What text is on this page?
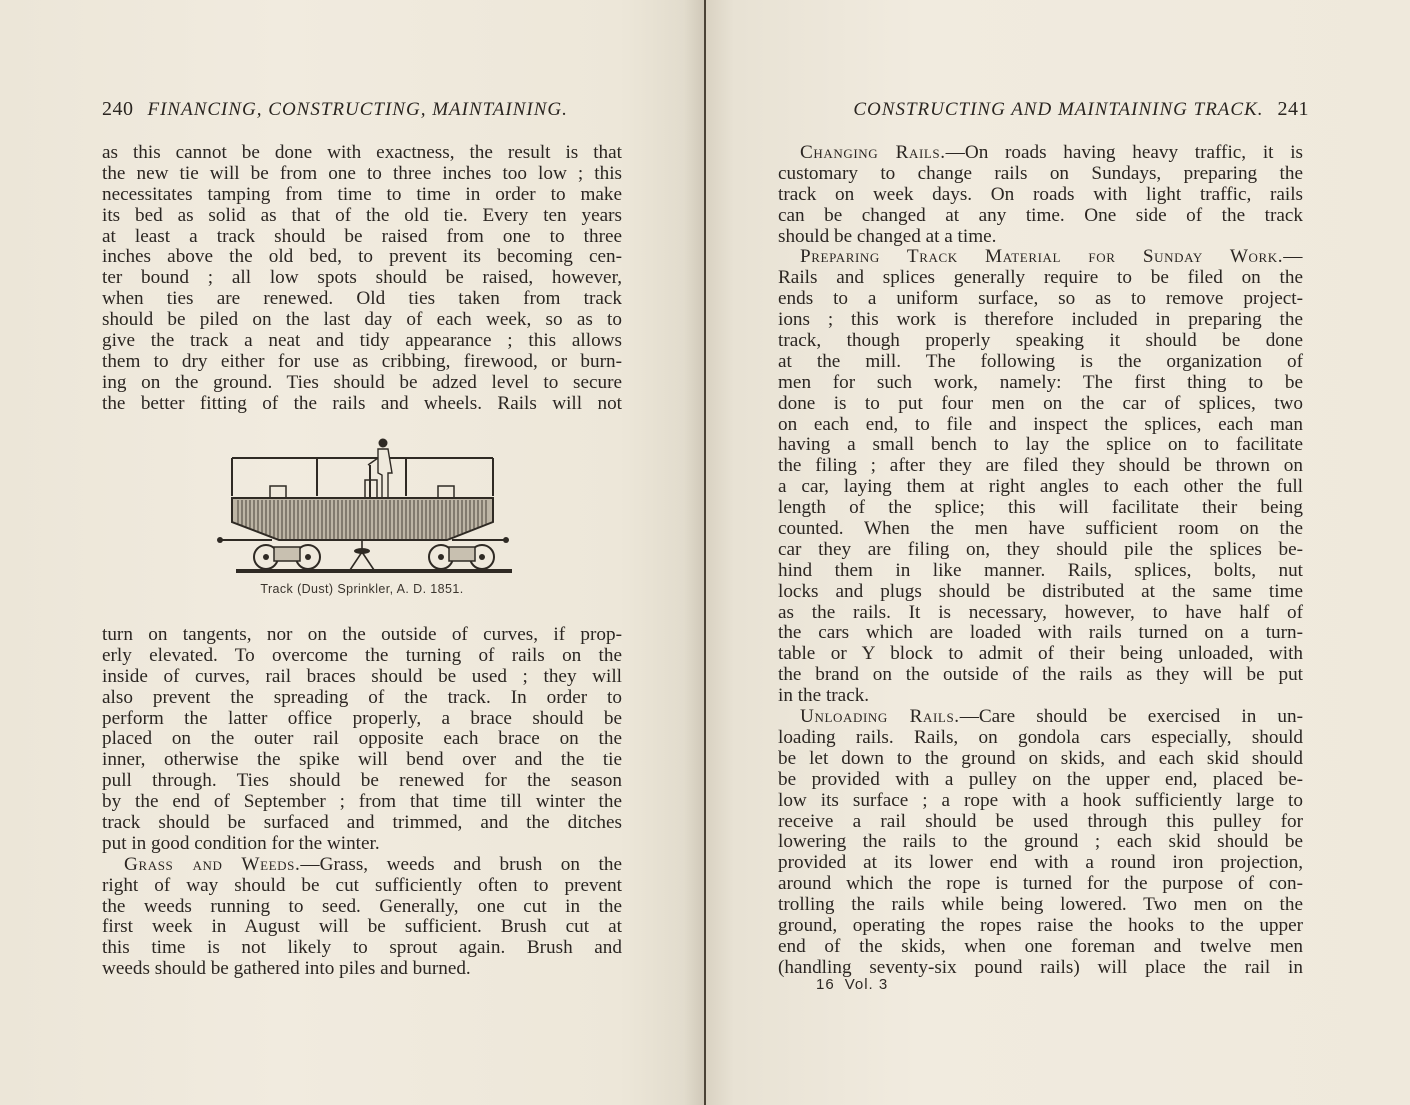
240 FINANCING, CONSTRUCTING, MAINTAINING.
as this cannot be done with exactness, the result is that
the new tie will be from one to three inches too low ; this
necessitates tamping from time to time in order to make
its bed as solid as that of the old tie. Every ten years
at least a track should be raised from one to three
inches above the old bed, to prevent its becoming cen-
ter bound ; all low spots should be raised, however,
when ties are renewed. Old ties taken from track
should be piled on the last day of each week, so as to
give the track a neat and tidy appearance ; this allows
them to dry either for use as cribbing, firewood, or burn-
ing on the ground. Ties should be adzed level to secure
the better fitting of the rails and wheels. Rails will not
Track (Dust) Sprinkler, A. D. 1851.
turn on tangents, nor on the outside of curves, if prop-
erly elevated. To overcome the turning of rails on the
inside of curves, rail braces should be used ; they will
also prevent the spreading of the track. In order to
perform the latter office properly, a brace should be
placed on the outer rail opposite each brace on the
inner, otherwise the spike will bend over and the tie
pull through. Ties should be renewed for the season
by the end of September ; from that time till winter the
track should be surfaced and trimmed, and the ditches
put in good condition for the winter.
Grass and Weeds.—Grass, weeds and brush on the
right of way should be cut sufficiently often to prevent
the weeds running to seed. Generally, one cut in the
first week in August will be sufficient. Brush cut at
this time is not likely to sprout again. Brush and
weeds should be gathered into piles and burned.
CONSTRUCTING AND MAINTAINING TRACK. 241
Changing Rails.—On roads having heavy traffic, it is
customary to change rails on Sundays, preparing the
track on week days. On roads with light traffic, rails
can be changed at any time. One side of the track
should be changed at a time.
Preparing Track Material for Sunday Work.—
Rails and splices generally require to be filed on the
ends to a uniform surface, so as to remove project-
ions ; this work is therefore included in preparing the
track, though properly speaking it should be done
at the mill. The following is the organization of
men for such work, namely: The first thing to be
done is to put four men on the car of splices, two
on each end, to file and inspect the splices, each man
having a small bench to lay the splice on to facilitate
the filing ; after they are filed they should be thrown on
a car, laying them at right angles to each other the full
length of the splice; this will facilitate their being
counted. When the men have sufficient room on the
car they are filing on, they should pile the splices be-
hind them in like manner. Rails, splices, bolts, nut
locks and plugs should be distributed at the same time
as the rails. It is necessary, however, to have half of
the cars which are loaded with rails turned on a turn-
table or Y block to admit of their being unloaded, with
the brand on the outside of the rails as they will be put
in the track.
Unloading Rails.—Care should be exercised in un-
loading rails. Rails, on gondola cars especially, should
be let down to the ground on skids, and each skid should
be provided with a pulley on the upper end, placed be-
low its surface ; a rope with a hook sufficiently large to
receive a rail should be used through this pulley for
lowering the rails to the ground ; each skid should be
provided at its lower end with a round iron projection,
around which the rope is turned for the purpose of con-
trolling the rails while being lowered. Two men on the
ground, operating the ropes raise the hooks to the upper
end of the skids, when one foreman and twelve men
(handling seventy-six pound rails) will place the rail in
16 Vol. 3
